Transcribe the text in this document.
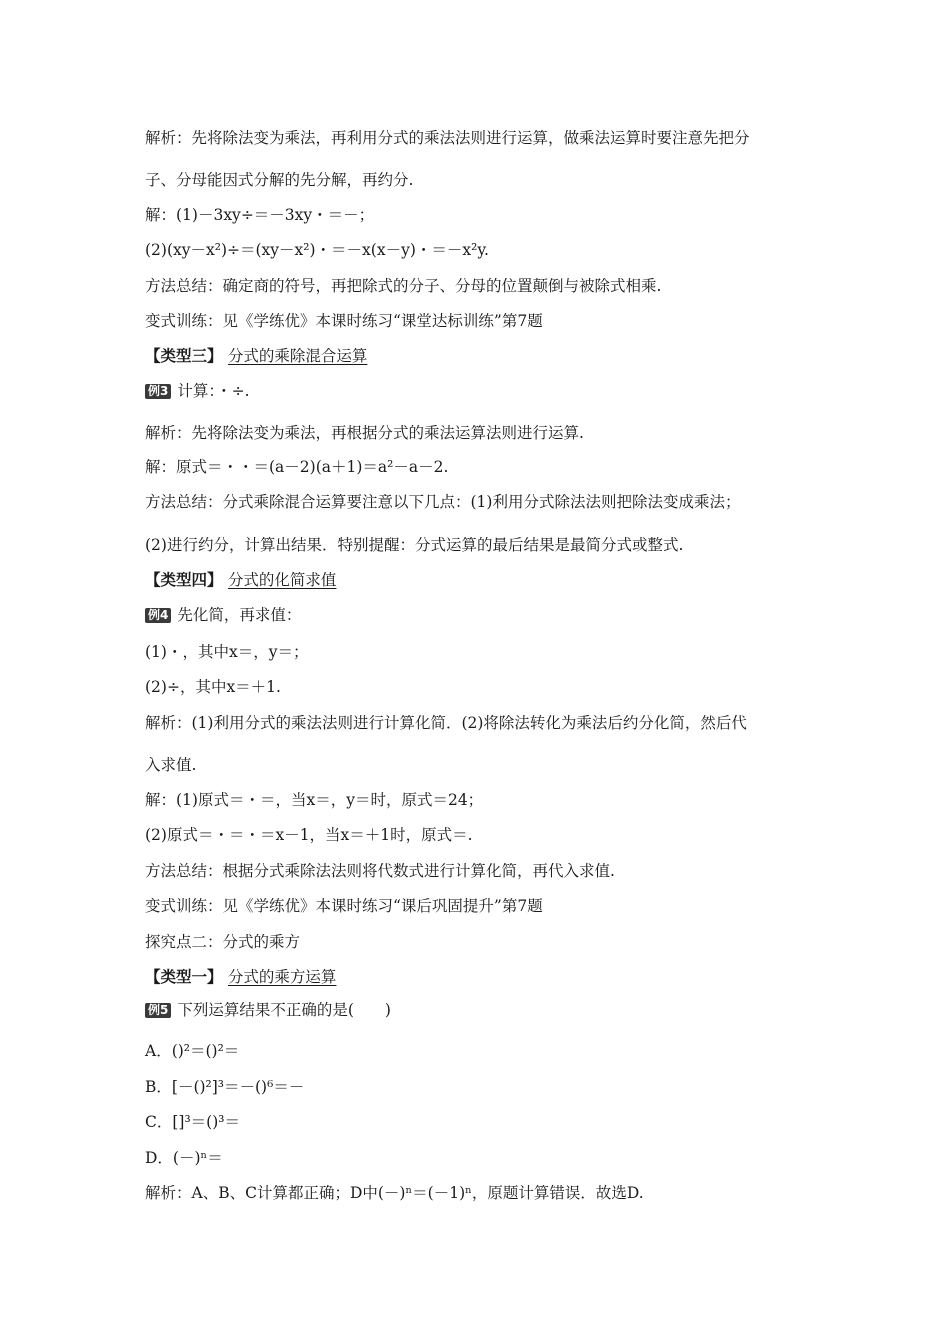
解析：先将除法变为乘法，再利用分式的乘法法则进行运算，做乘法运算时要注意先把分
子、分母能因式分解的先分解，再约分.
解：(1)－3xy÷＝－3xy・＝－；
(2)(xy－x²)÷＝(xy－x²)・＝－x(x－y)・＝－x²y.
方法总结：确定商的符号，再把除式的分子、分母的位置颠倒与被除式相乘.
变式训练：见《学练优》本课时练习“课堂达标训练”第7题
【类型三】 分式的乘除混合运算
例3 计算：・÷.
解析：先将除法变为乘法，再根据分式的乘法运算法则进行运算.
解：原式＝・・＝(a－2)(a＋1)＝a²－a－2.
方法总结：分式乘除混合运算要注意以下几点：(1)利用分式除法法则把除法变成乘法；
(2)进行约分，计算出结果．特别提醒：分式运算的最后结果是最简分式或整式.
【类型四】 分式的化简求值
例4 先化简，再求值：
(1)・，其中x＝，y＝；
(2)÷，其中x＝＋1.
解析：(1)利用分式的乘法法则进行计算化简．(2)将除法转化为乘法后约分化简，然后代
入求值.
解：(1)原式＝・＝，当x＝，y＝时，原式＝24；
(2)原式＝・＝・＝x－1，当x＝＋1时，原式＝.
方法总结：根据分式乘除法法则将代数式进行计算化简，再代入求值.
变式训练：见《学练优》本课时练习“课后巩固提升”第7题
探究点二：分式的乘方
【类型一】 分式的乘方运算
例5 下列运算结果不正确的是(　　)
A．()²＝()²＝
B．[－()²]³＝－()⁶＝－
C．[]³＝()³＝
D．(－)ⁿ＝
解析：A、B、C计算都正确；D中(－)ⁿ＝(－1)ⁿ，原题计算错误．故选D.
